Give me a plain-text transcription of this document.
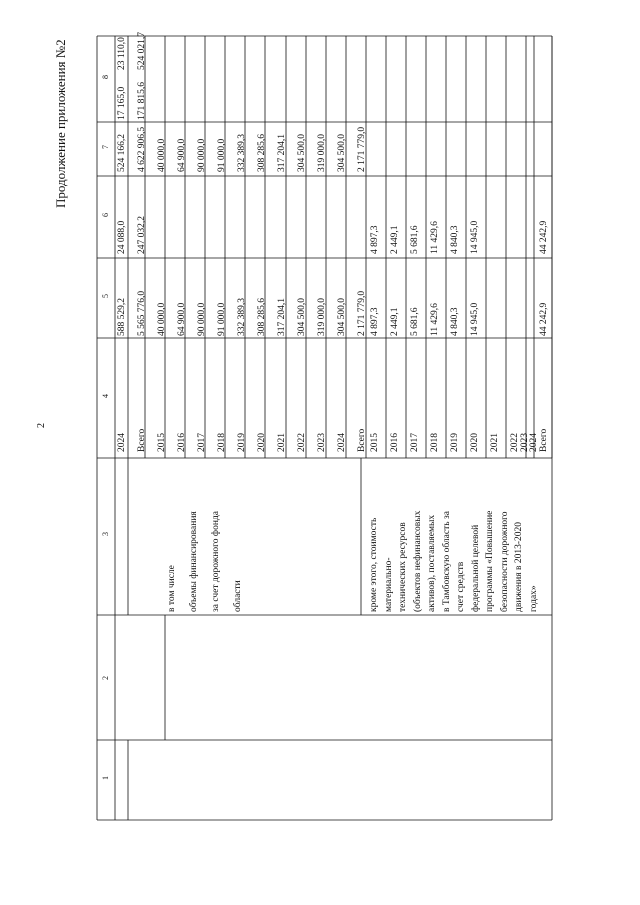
2
Продолжение приложения №2
1
2
3
4
5
6
7
8
2024
588 529,2
24 088,0
524 166,2
17 165,0
23 110,0
Всего
5 565 776,0
247 032,2
4 622 906,5
171 815,6
524 021,7
2015
40 000,0
40 000,0
2016
64 900,0
64 900,0
2017
90 000,0
90 000,0
2018
91 000,0
91 000,0
2019
332 389,3
332 389,3
2020
308 285,6
308 285,6
2021
317 204,1
317 204,1
2022
304 500,0
304 500,0
2023
319 000,0
319 000,0
2024
304 500,0
304 500,0
Всего
2 171 779,0
2 171 779,0
в том числе объемы финансирования за счет дорожного фонда области
2015
4 897,3
4 897,3
2016
2 449,1
2 449,1
2017
5 681,6
5 681,6
2018
11 429,6
11 429,6
2019
4 840,3
4 840,3
2020
14 945,0
14 945,0
2021 2022 2023 2024 Всего
44 242,9
44 242,9
кроме этого, стоимость материально- технических ресурсов (объектов нефинансовых активов), поставляемых в Тамбовскую область за счет средств федеральной целевой программы «Повышение безопасности дорожного движения в 2013-2020 годах»
